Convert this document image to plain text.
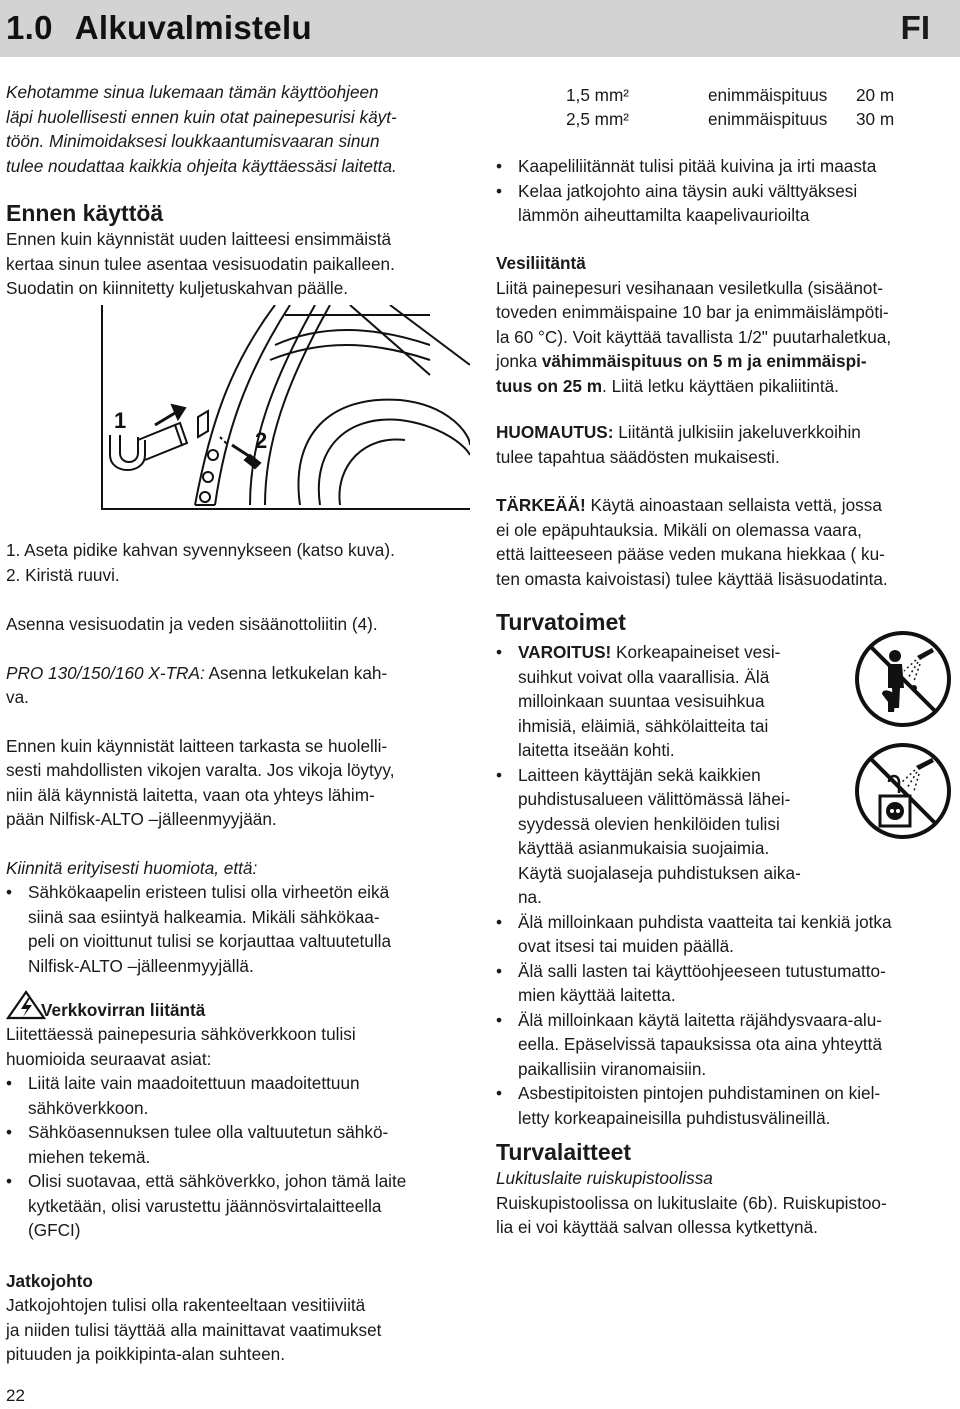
1.0 Alkuvalmistelu	FI

Kehotamme sinua lukemaan tämän käyttöohjeen

läpi huolellisesti ennen kuin otat painepesurisi käyt-

töön. Minimoidaksesi loukkaantumisvaaran sinun

tulee noudattaa kaikkia ohjeita käyttäessäsi laitetta.

Ennen käyttöä

Ennen kuin käynnistät uuden laitteesi ensimmäistä

kertaa sinun tulee asentaa vesisuodatin paikalleen.

Suodatin on kiinnitetty kuljetuskahvan päälle.

1
2

1. Aseta pidike kahvan syvennykseen (katso kuva).

2. Kiristä ruuvi.

Asenna vesisuodatin ja veden sisäänottoliitin (4).

PRO 130/150/160 X-TRA: Asenna letkukelan kah-

va.

Ennen kuin käynnistät laitteen tarkasta se huolelli-

sesti mahdollisten vikojen varalta. Jos vikoja löytyy,

niin älä käynnistä laitetta, vaan ota yhteys lähim-

pään Nilfisk-ALTO –jälleenmyyjään.

Kiinnitä erityisesti huomiota, että:

• Sähkökaapelin eristeen tulisi olla virheetön eikä
siinä saa esiintyä halkeamia. Mikäli sähkökaa-
peli on vioittunut tulisi se korjauttaa valtuutetulla
Nilfisk-ALTO –jälleenmyyjällä.
Verkkovirran liitäntä

Liitettäessä painepesuria sähköverkkoon tulisi

huomioida seuraavat asiat:

• Liitä laite vain maadoitettuun maadoitettuun
sähköverkkoon.
• Sähköasennuksen tulee olla valtuutetun sähkö-
miehen tekemä.
• Olisi suotavaa, että sähköverkko, johon tämä laite
kytketään, olisi varustettu jäännösvirtalaitteella
(GFCI)

Jatkojohto

Jatkojohtojen tulisi olla rakenteeltaan vesitiiviitä

ja niiden tulisi täyttää alla mainittavat vaatimukset

pituuden ja poikkipinta-alan suhteen.

1,5 mm²	enimmäispituus 20 m
2,5 mm²	enimmäispituus 30 m
• Kaapeliliitännät tulisi pitää kuivina ja irti maasta
• Kelaa jatkojohto aina täysin auki välttyäksesi
lämmön aiheuttamilta kaapelivaurioilta

Vesiliitäntä

Liitä painepesuri vesihanaan vesiletkulla (sisäänot-

toveden enimmäispaine 10 bar ja enimmäislämpöti-

la 60 °C). Voit käyttää tavallista 1/2" puutarhaletkua,

jonka vähimmäispituus on 5 m ja enimmäispi-

tuus on 25 m. Liitä letku käyttäen pikaliitintä.

HUOMAUTUS: Liitäntä julkisiin jakeluverkkoihin

tulee tapahtua säädösten mukaisesti.

TÄRKEÄÄ! Käytä ainoastaan sellaista vettä, jossa

ei ole epäpuhtauksia. Mikäli on olemassa vaara,

että laitteeseen pääse veden mukana hiekkaa ( ku-

ten omasta kaivoistasi) tulee käyttää lisäsuodatinta.

Turvatoimet

• VAROITUS! Korkeapaineiset vesi-
suihkut voivat olla vaarallisia. Älä
milloinkaan suuntaa vesisuihkua
ihmisiä, eläimiä, sähkölaitteita tai
laitetta itseään kohti.
• Laitteen käyttäjän sekä kaikkien
puhdistusalueen välittömässä lähei-
syydessä olevien henkilöiden tulisi
käyttää asianmukaisia suojaimia.
Käytä suojalaseja puhdistuksen aika-
na.
• Älä milloinkaan puhdista vaatteita tai kenkiä jotka
ovat itsesi tai muiden päällä.
• Älä salli lasten tai käyttöohjeeseen tutustumatto-
mien käyttää laitetta.
• Älä milloinkaan käytä laitetta räjähdysvaara-alu-
eella. Epäselvissä tapauksissa ota aina yhteyttä
paikallisiin viranomaisiin.
• Asbestipitoisten pintojen puhdistaminen on kiel-
letty korkeapaineisilla puhdistusvälineillä.

Turvalaitteet

Lukituslaite ruiskupistoolissa

Ruiskupistoolissa on lukituslaite (6b). Ruiskupistoo-

lia ei voi käyttää salvan ollessa kytkettynä.

22
